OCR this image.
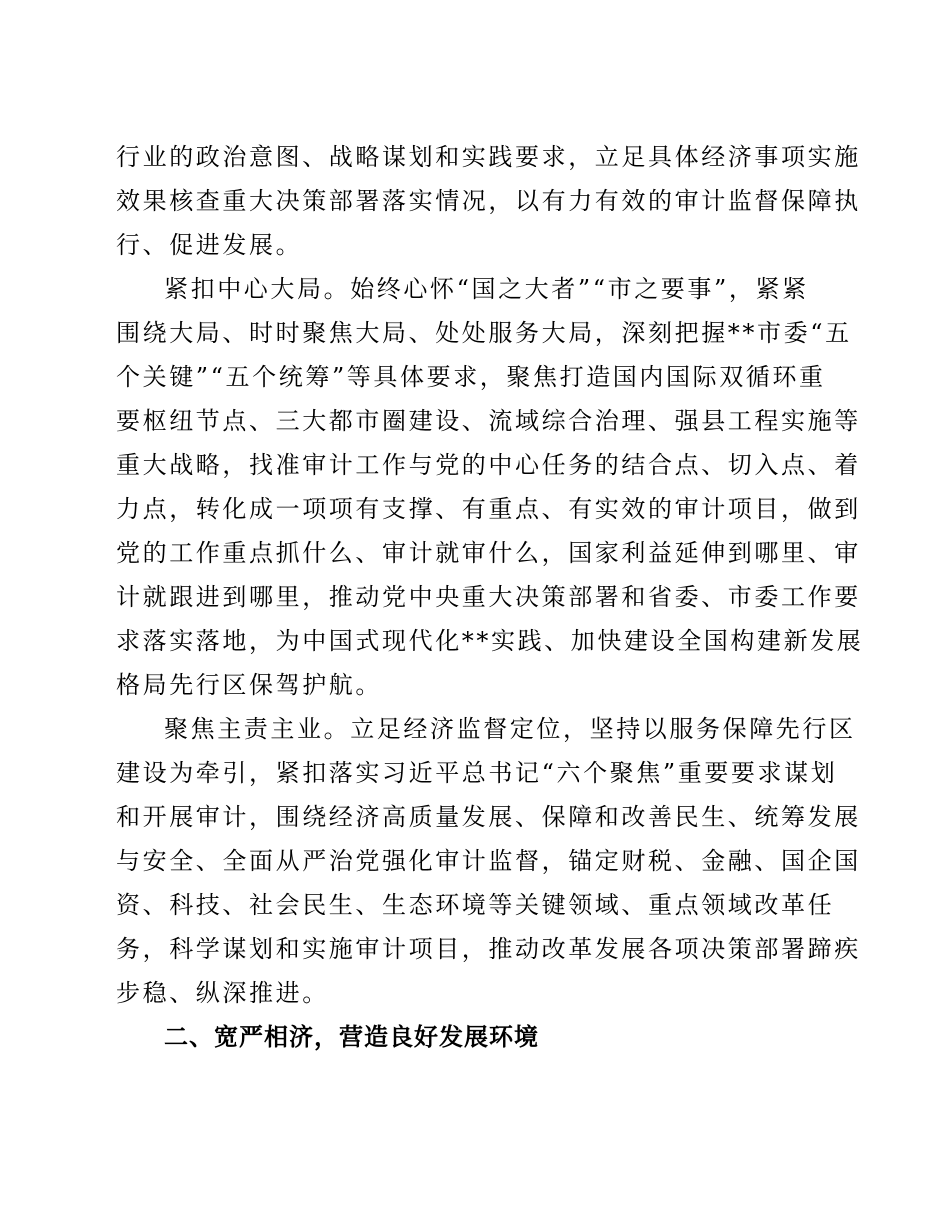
行业的政治意图、战略谋划和实践要求，立足具体经济事项实施
效果核查重大决策部署落实情况，以有力有效的审计监督保障执
行、促进发展。
紧扣中心大局。始终心怀“国之大者”“市之要事”，紧紧
围绕大局、时时聚焦大局、处处服务大局，深刻把握**市委“五
个关键”“五个统筹”等具体要求，聚焦打造国内国际双循环重
要枢纽节点、三大都市圈建设、流域综合治理、强县工程实施等
重大战略，找准审计工作与党的中心任务的结合点、切入点、着
力点，转化成一项项有支撑、有重点、有实效的审计项目，做到
党的工作重点抓什么、审计就审什么，国家利益延伸到哪里、审
计就跟进到哪里，推动党中央重大决策部署和省委、市委工作要
求落实落地，为中国式现代化**实践、加快建设全国构建新发展
格局先行区保驾护航。
聚焦主责主业。立足经济监督定位，坚持以服务保障先行区
建设为牵引，紧扣落实习近平总书记“六个聚焦”重要要求谋划
和开展审计，围绕经济高质量发展、保障和改善民生、统筹发展
与安全、全面从严治党强化审计监督，锚定财税、金融、国企国
资、科技、社会民生、生态环境等关键领域、重点领域改革任
务，科学谋划和实施审计项目，推动改革发展各项决策部署蹄疾
步稳、纵深推进。
二、宽严相济，营造良好发展环境
